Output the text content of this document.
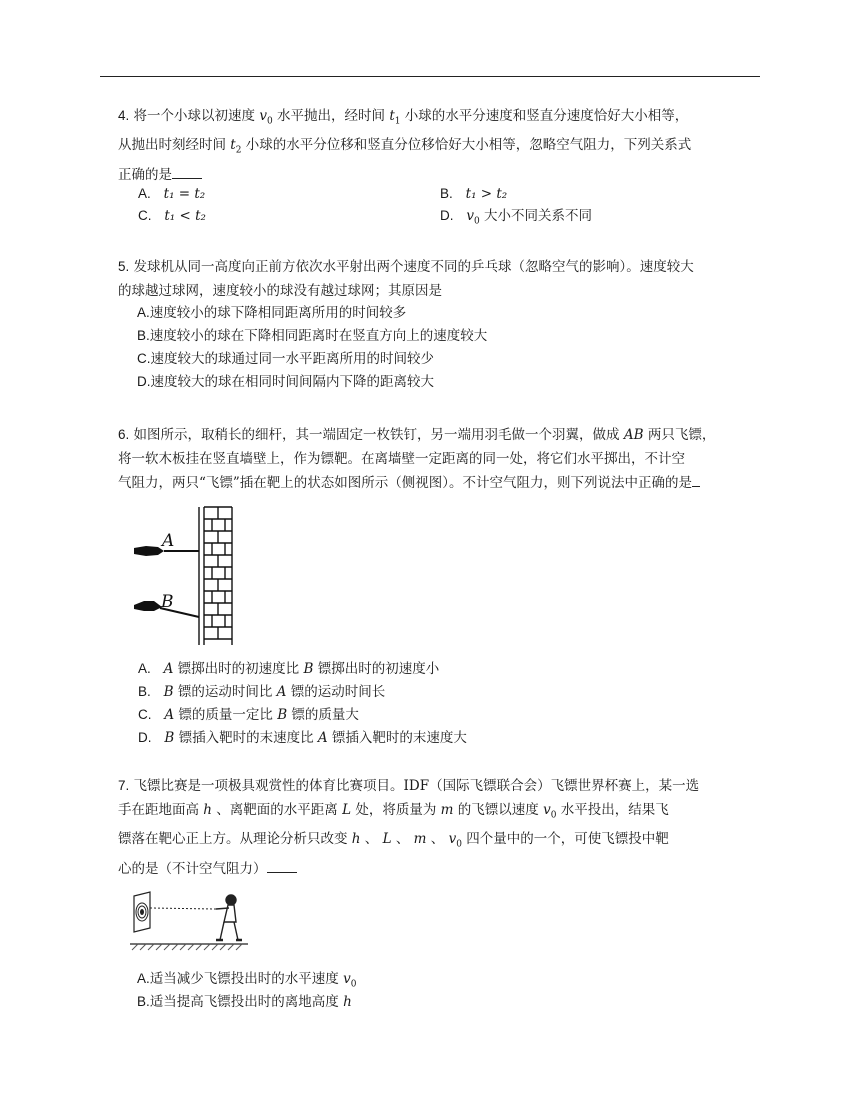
4. 将一个小球以初速度 $v_0$ 水平抛出，经时间 $t_1$ 小球的水平分速度和竖直分速度恰好大小相等，

从抛出时刻经时间 $t_2$ 小球的水平分位移和竖直分位移恰好大小相等，忽略空气阻力，下列关系式

正确的是

A. t₁ = t₂	B. t₁ > t₂
C. t₁ < t₂	D. $v_0$ 大小不同关系不同

5. 发球机从同一高度向正前方依次水平射出两个速度不同的乒乓球（忽略空气的影响）。速度较大

的球越过球网，速度较小的球没有越过球网；其原因是

A.速度较小的球下降相同距离所用的时间较多
B.速度较小的球在下降相同距离时在竖直方向上的速度较大
C.速度较大的球通过同一水平距离所用的时间较少
D.速度较大的球在相同时间间隔内下降的距离较大

6. 如图所示，取稍长的细杆，其一端固定一枚铁钉，另一端用羽毛做一个羽翼，做成 AB 两只飞镖，

将一软木板挂在竖直墙壁上，作为镖靶。在离墙壁一定距离的同一处，将它们水平掷出，不计空

气阻力，两只“飞镖”插在靶上的状态如图所示（侧视图）。不计空气阻力，则下列说法中正确的是

A
B
A. A 镖掷出时的初速度比 B 镖掷出时的初速度小
B. B 镖的运动时间比 A 镖的运动时间长
C. A 镖的质量一定比 B 镖的质量大
D. B 镖插入靶时的末速度比 A 镖插入靶时的末速度大

7. 飞镖比赛是一项极具观赏性的体育比赛项目。IDF（国际飞镖联合会）飞镖世界杯赛上，某一选

手在距地面高 h 、离靶面的水平距离 L 处，将质量为 m 的飞镖以速度 $v_0$ 水平投出，结果飞

镖落在靶心正上方。从理论分析只改变 h 、 L 、 m 、 $v_0$ 四个量中的一个，可使飞镖投中靶

心的是（不计空气阻力）

A.适当减少飞镖投出时的水平速度 $v_0$
B.适当提高飞镖投出时的离地高度 h
